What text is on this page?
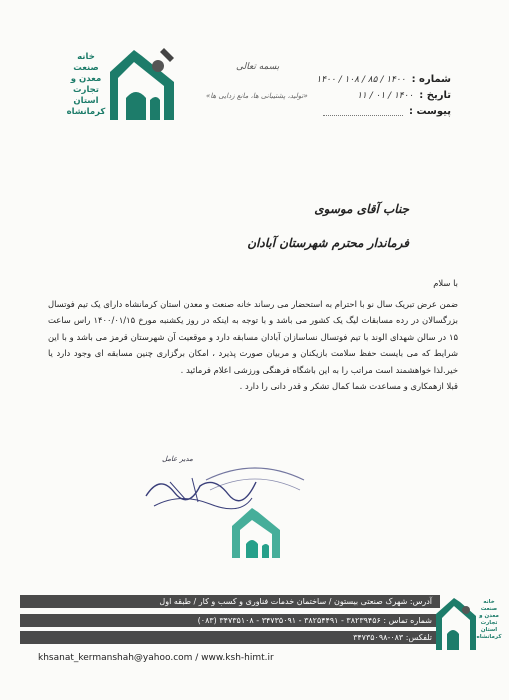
خانه
صنعت
معدن و
تجارت
استان
کرمانشاه
بسمه تعالی
«تولید، پشتیبانی ها، مانع زدایی ها»
شماره :
۱۴۰۰ / ۸۵ / ۱۰۸ / ۱۴۰۰
تاریخ :
۱۴۰۰ / ۰۱ / ۱۱
پیوست :
جناب آقای موسوی
فرماندار محترم شهرستان آبادان

با سلام

ضمن عرض تبریک سال نو با احترام به استحضار می رساند خانه صنعت و معدن استان کرمانشاه دارای یک تیم فوتسال بزرگسالان در رده مسابقات لیگ یک کشور می باشد و با توجه به اینکه در روز یکشنبه مورخ ۱۴۰۰/۰۱/۱۵ راس ساعت ۱۵ در سالن شهدای الوند با تیم فوتسال نساسازان آبادان مسابقه دارد و موقعیت آن شهرستان قرمز می باشد و با این شرایط که می بایست حفظ سلامت بازیکنان و مربیان صورت پذیرد ، امکان برگزاری چنین مسابقه ای وجود دارد یا خیر.لذا خواهشمند است مراتب را به این باشگاه فرهنگی ورزشی اعلام فرمائید .

قبلا ازهمکاری و مساعدت شما کمال تشکر و قدر دانی را دارد .

مدیر عامل
آدرس: شهرک صنعتی بیستون / ساختمان خدمات فناوری و کسب و کار / طبقه اول
شماره تماس : ۳۸۲۳۹۴۵۶ - ۳۸۲۵۴۴۹۱ - ۳۴۷۳۵۰۹۱ - ۳۴۷۳۵۱۰۸ (۰۸۳)
تلفکس: ۰۸۳-۳۴۷۳۵۰۹۸
khsanat_kermanshah@yahoo.com / www.ksh-himt.ir
خانه
صنعت
معدن و
تجارت
استان
کرمانشاه
